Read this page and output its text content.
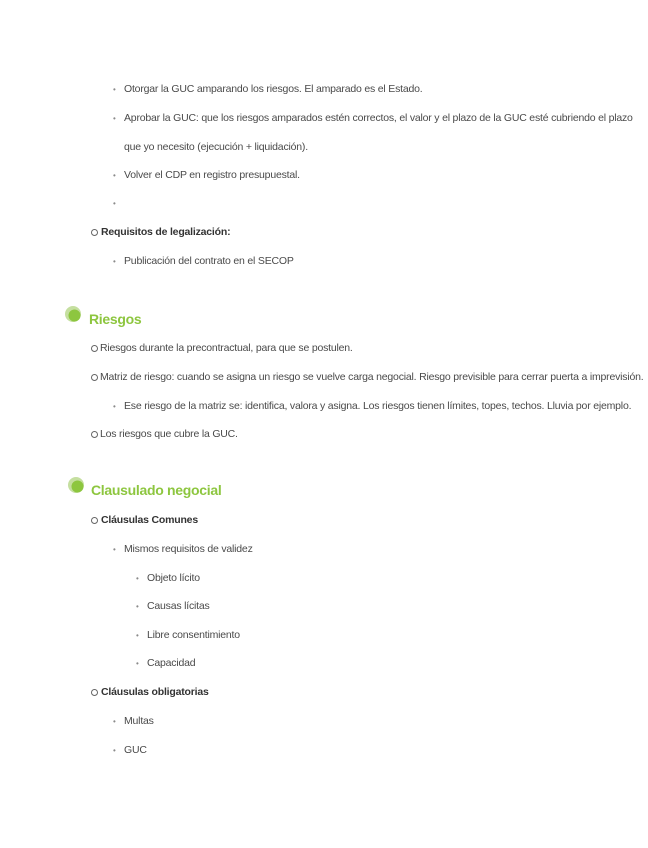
• Otorgar la GUC amparando los riesgos. El amparado es el Estado.
• Aprobar la GUC: que los riesgos amparados estén correctos, el valor y el plazo de la GUC esté cubriendo el plazo
que yo necesito (ejecución + liquidación).
• Volver el CDP en registro presupuestal.
•
Requisitos de legalización:
• Publicación del contrato en el SECOP
Riesgos
Riesgos durante la precontractual, para que se postulen.
Matriz de riesgo: cuando se asigna un riesgo se vuelve carga negocial. Riesgo previsible para cerrar puerta a imprevisión.
• Ese riesgo de la matriz se: identifica, valora y asigna. Los riesgos tienen límites, topes, techos. Lluvia por ejemplo.
Los riesgos que cubre la GUC.
Clausulado negocial
Cláusulas Comunes
• Mismos requisitos de validez
• Objeto lícito
• Causas lícitas
• Libre consentimiento
• Capacidad
Cláusulas obligatorias
• Multas
• GUC
